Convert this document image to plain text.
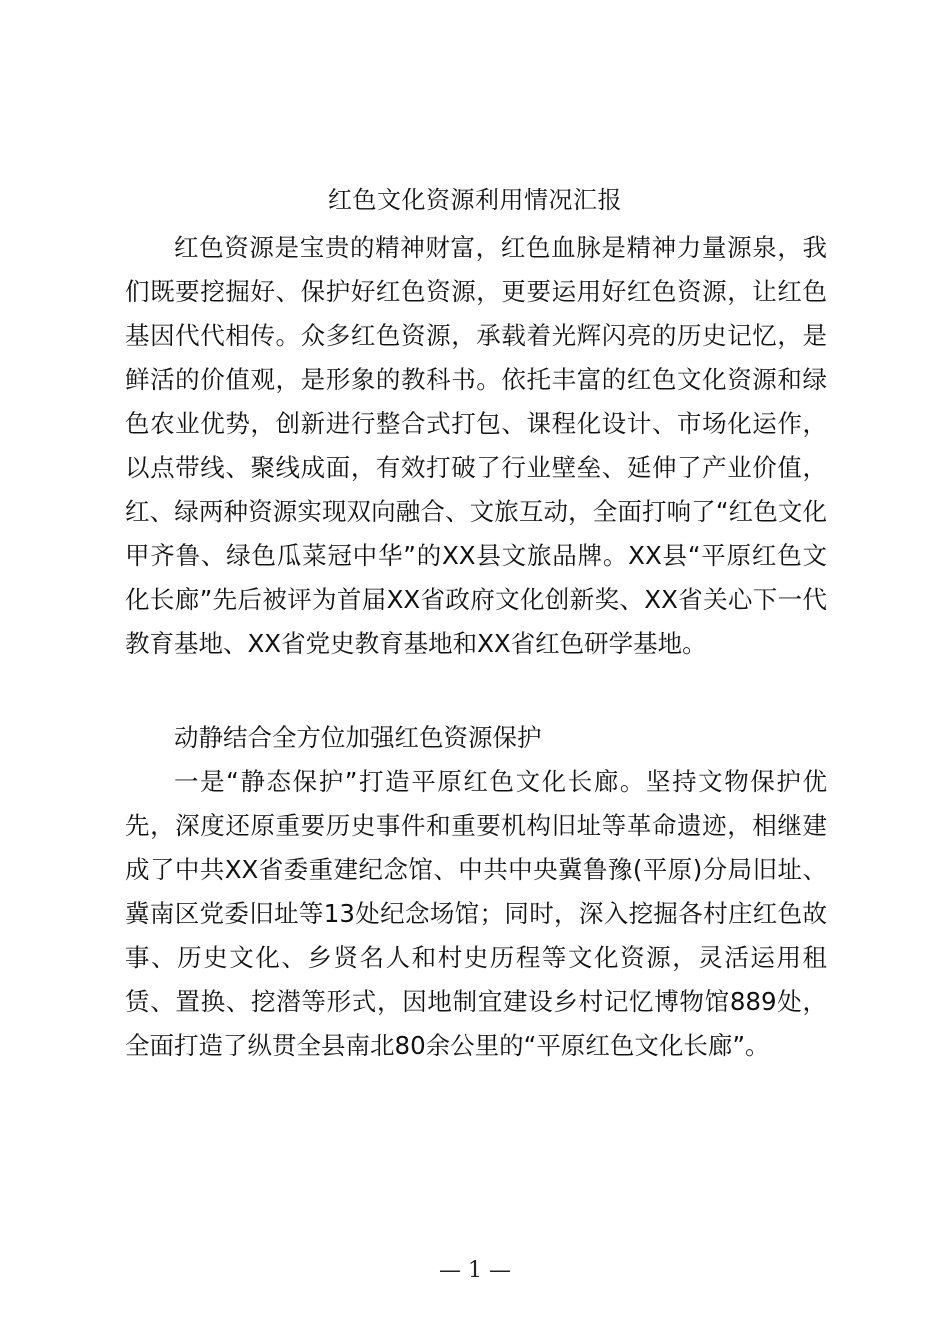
红色文化资源利用情况汇报

红色资源是宝贵的精神财富，红色血脉是精神力量源泉，我们既要挖掘好、保护好红色资源，更要运用好红色资源，让红色基因代代相传。众多红色资源，承载着光辉闪亮的历史记忆，是鲜活的价值观，是形象的教科书。依托丰富的红色文化资源和绿色农业优势，创新进行整合式打包、课程化设计、市场化运作，以点带线、聚线成面，有效打破了行业壁垒、延伸了产业价值，红、绿两种资源实现双向融合、文旅互动，全面打响了“红色文化甲齐鲁、绿色瓜菜冠中华”的XX县文旅品牌。XX县“平原红色文化长廊”先后被评为首届XX省政府文化创新奖、XX省关心下一代教育基地、XX省党史教育基地和XX省红色研学基地。

动静结合全方位加强红色资源保护

一是“静态保护”打造平原红色文化长廊。坚持文物保护优先，深度还原重要历史事件和重要机构旧址等革命遗迹，相继建成了中共XX省委重建纪念馆、中共中央冀鲁豫(平原)分局旧址、冀南区党委旧址等13处纪念场馆；同时，深入挖掘各村庄红色故事、历史文化、乡贤名人和村史历程等文化资源，灵活运用租赁、置换、挖潜等形式，因地制宜建设乡村记忆博物馆889处，全面打造了纵贯全县南北80余公里的“平原红色文化长廊”。

— 1 —
